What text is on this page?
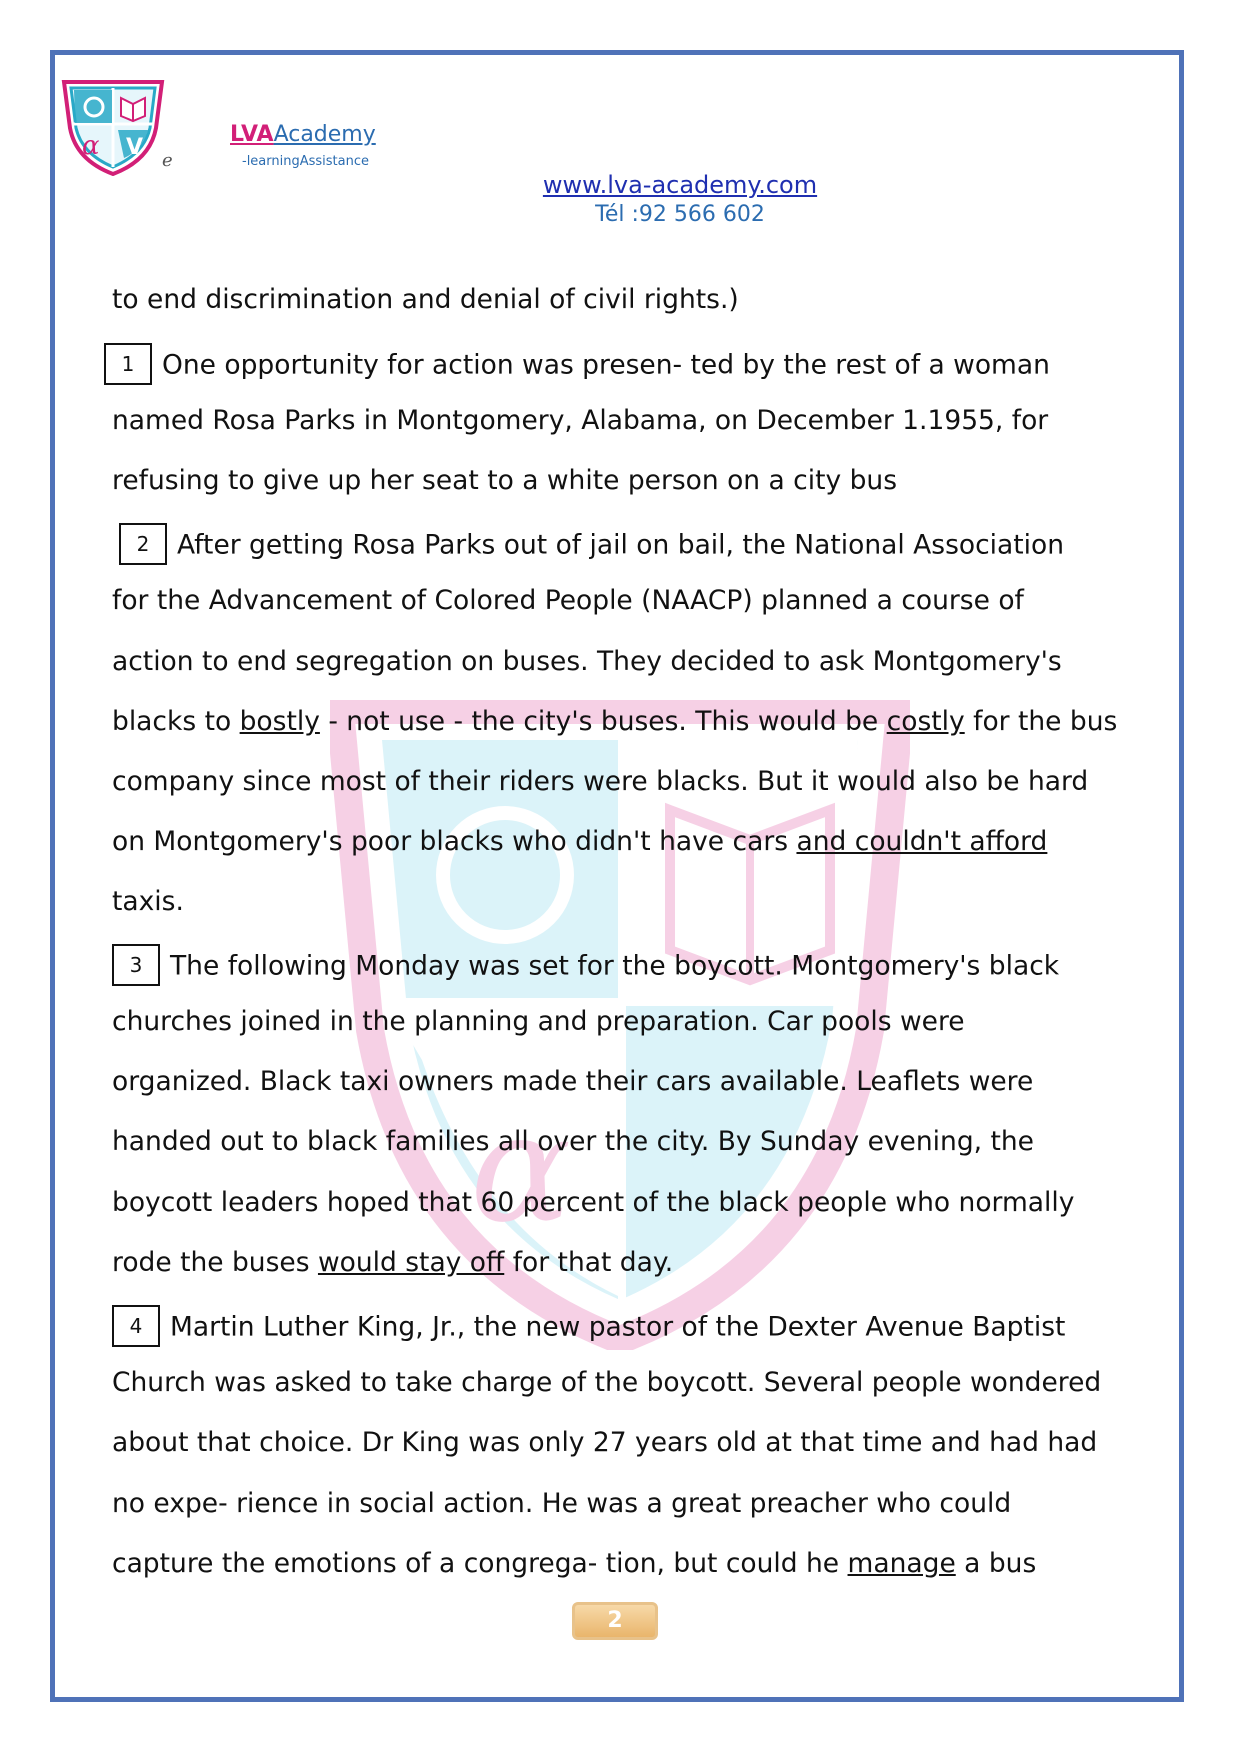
α V
e
LVAAcademy
-learningAssistance
www.lva-academy.com
Tél :92 566 602
α V
to end discrimination and denial of civil rights.)
1 One opportunity for action was presen- ted by the rest of a woman
named Rosa Parks in Montgomery, Alabama, on December 1.1955, for
refusing to give up her seat to a white person on a city bus
2 After getting Rosa Parks out of jail on bail, the National Association
for the Advancement of Colored People (NAACP) planned a course of
action to end segregation on buses. They decided to ask Montgomery's
blacks to bostly - not use - the city's buses. This would be costly for the bus
company since most of their riders were blacks. But it would also be hard
on Montgomery's poor blacks who didn't have cars and couldn't afford
taxis.
3 The following Monday was set for the boycott. Montgomery's black
churches joined in the planning and preparation. Car pools were
organized. Black taxi owners made their cars available. Leaflets were
handed out to black families all over the city. By Sunday evening, the
boycott leaders hoped that 60 percent of the black people who normally
rode the buses would stay off for that day.
4 Martin Luther King, Jr., the new pastor of the Dexter Avenue Baptist
Church was asked to take charge of the boycott. Several people wondered
about that choice. Dr King was only 27 years old at that time and had had
no expe- rience in social action. He was a great preacher who could
capture the emotions of a congrega- tion, but could he manage a bus
2
